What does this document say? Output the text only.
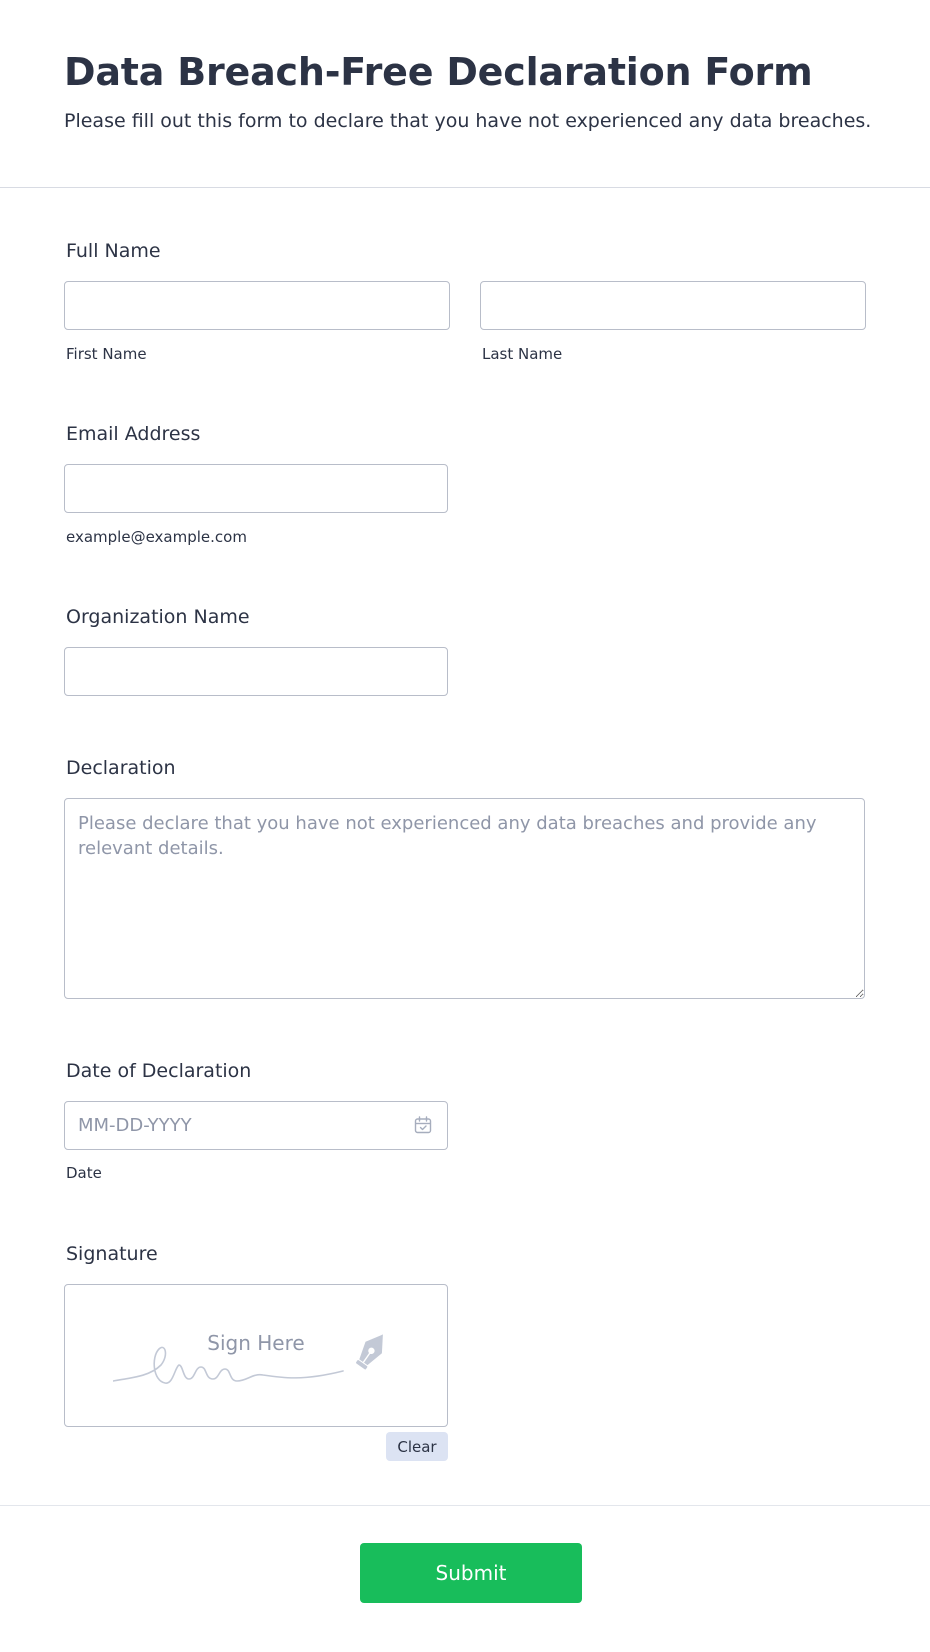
Data Breach-Free Declaration Form

Please fill out this form to declare that you have not experienced any data breaches.

Full Name
First Name	Last Name
Email Address
example@example.com
Organization Name
Declaration
Please declare that you have not experienced any data breaches and provide any relevant details.
Date of Declaration
MM-DD-YYYY
Date
Signature
Sign Here
Clear
Submit
